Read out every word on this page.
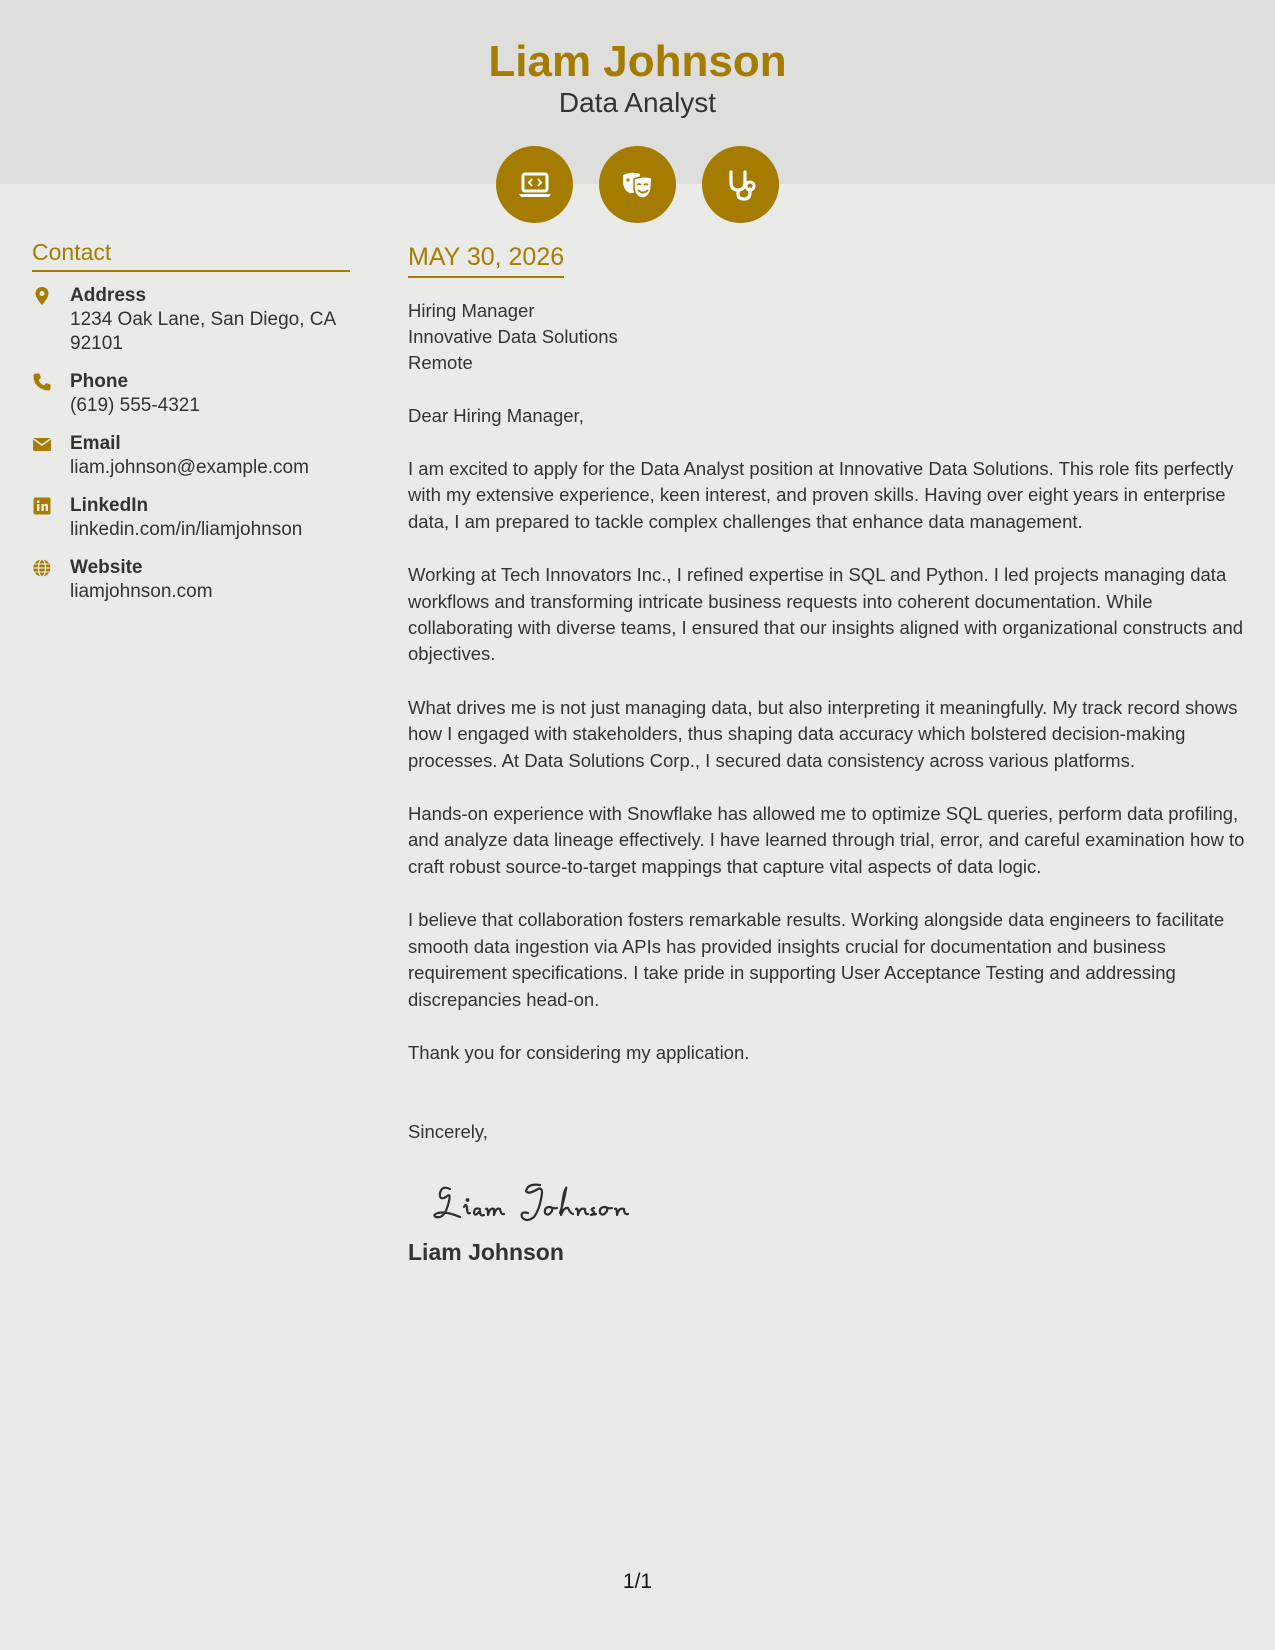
Liam Johnson
Data Analyst
Contact
Address
1234 Oak Lane, San Diego, CA 92101
Phone
(619) 555-4321
Email
liam.johnson@example.com
LinkedIn
linkedin.com/in/liamjohnson
Website
liamjohnson.com
MAY 30, 2026
Hiring Manager
Innovative Data Solutions
Remote
Dear Hiring Manager,
I am excited to apply for the Data Analyst position at Innovative Data Solutions. This role fits perfectly with my extensive experience, keen interest, and proven skills. Having over eight years in enterprise data, I am prepared to tackle complex challenges that enhance data management.
Working at Tech Innovators Inc., I refined expertise in SQL and Python. I led projects managing data workflows and transforming intricate business requests into coherent documentation. While collaborating with diverse teams, I ensured that our insights aligned with organizational constructs and objectives.
What drives me is not just managing data, but also interpreting it meaningfully. My track record shows how I engaged with stakeholders, thus shaping data accuracy which bolstered decision-making processes. At Data Solutions Corp., I secured data consistency across various platforms.
Hands-on experience with Snowflake has allowed me to optimize SQL queries, perform data profiling, and analyze data lineage effectively. I have learned through trial, error, and careful examination how to craft robust source-to-target mappings that capture vital aspects of data logic.
I believe that collaboration fosters remarkable results. Working alongside data engineers to facilitate smooth data ingestion via APIs has provided insights crucial for documentation and business requirement specifications. I take pride in supporting User Acceptance Testing and addressing discrepancies head-on.
Thank you for considering my application.
Sincerely,
Liam Johnson
1/1
